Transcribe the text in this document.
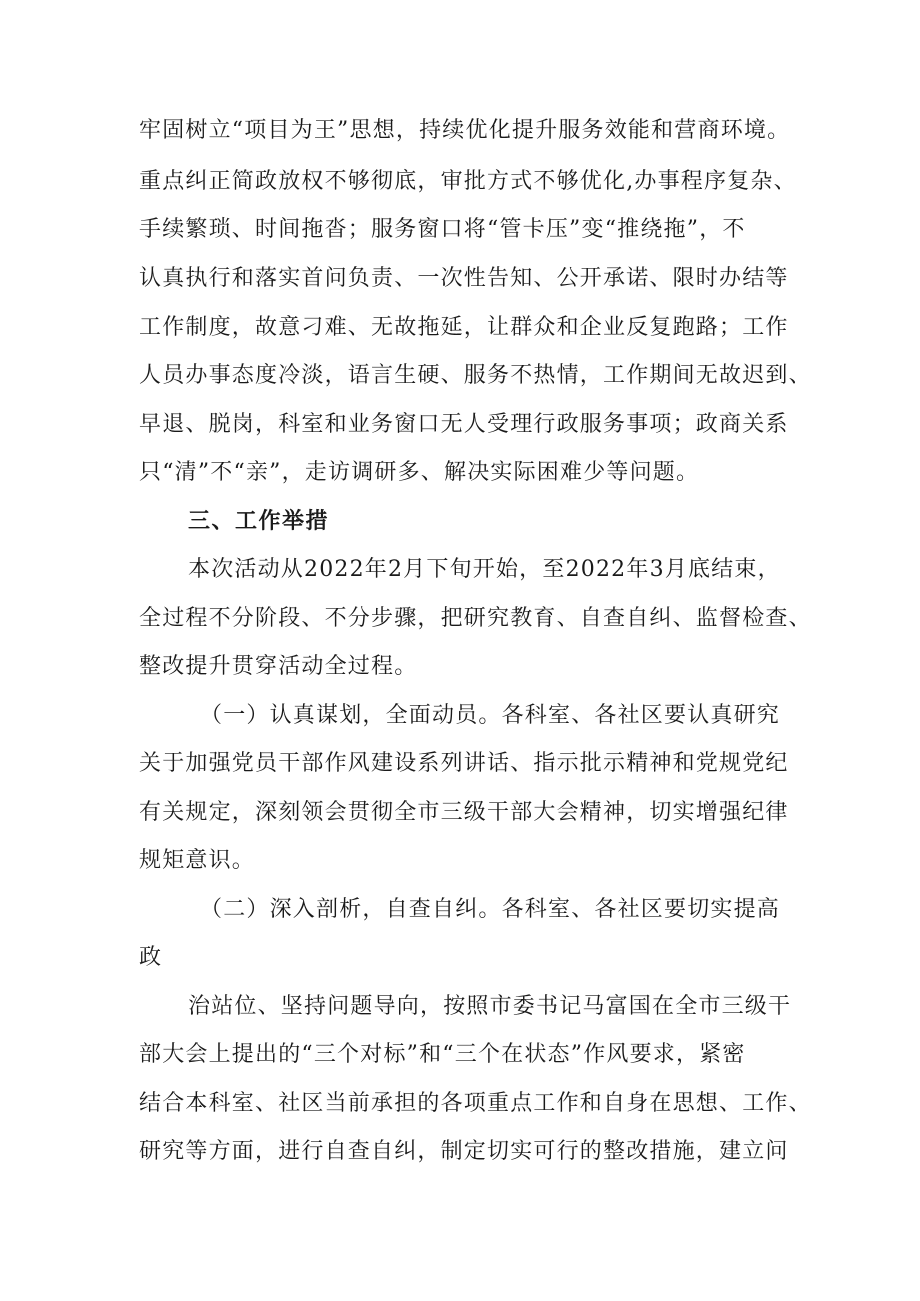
牢固树立“项目为王”思想，持续优化提升服务效能和营商环境。
重点纠正简政放权不够彻底，审批方式不够优化,办事程序复杂、
手续繁琐、时间拖沓；服务窗口将“管卡压”变“推绕拖”，不
认真执行和落实首问负责、一次性告知、公开承诺、限时办结等
工作制度，故意刁难、无故拖延，让群众和企业反复跑路；工作
人员办事态度冷淡，语言生硬、服务不热情，工作期间无故迟到、
早退、脱岗，科室和业务窗口无人受理行政服务事项；政商关系
只“清”不“亲”，走访调研多、解决实际困难少等问题。
三、工作举措
本次活动从2022年2月下旬开始，至2022年3月底结束，
全过程不分阶段、不分步骤，把研究教育、自查自纠、监督检查、
整改提升贯穿活动全过程。
（一）认真谋划，全面动员。各科室、各社区要认真研究
关于加强党员干部作风建设系列讲话、指示批示精神和党规党纪
有关规定，深刻领会贯彻全市三级干部大会精神，切实增强纪律
规矩意识。
（二）深入剖析，自查自纠。各科室、各社区要切实提高
政
治站位、坚持问题导向，按照市委书记马富国在全市三级干
部大会上提出的“三个对标”和“三个在状态”作风要求，紧密
结合本科室、社区当前承担的各项重点工作和自身在思想、工作、
研究等方面，进行自查自纠，制定切实可行的整改措施，建立问
